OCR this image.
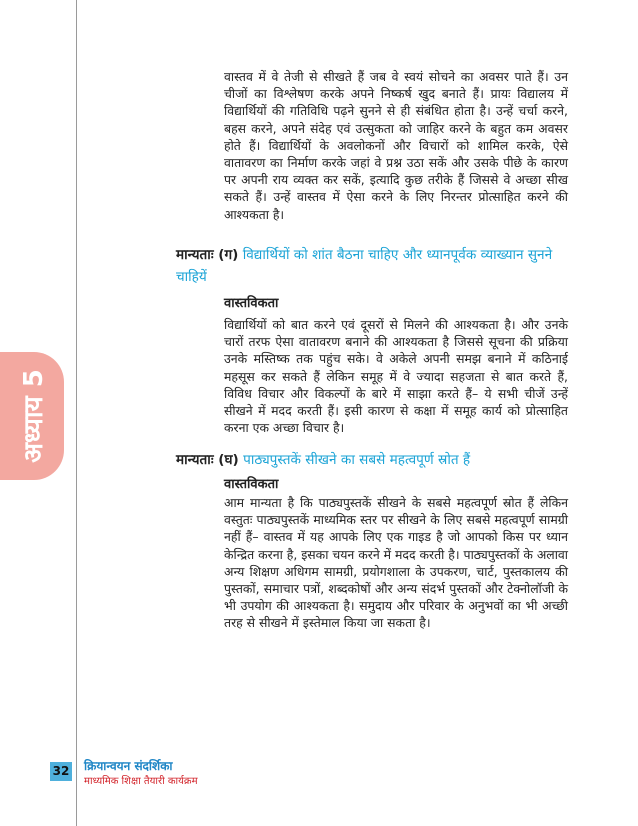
अध्याय 5

वास्तव में वे तेजी से सीखते हैं जब वे स्वयं सोचने का अवसर पाते हैं। उन चीजों का विश्लेषण करके अपने निष्कर्ष खुद बनाते हैं। प्रायः विद्यालय में विद्यार्थियों की गतिविधि पढ़ने सुनने से ही संबंधित होता है। उन्हें चर्चा करने, बहस करने, अपने संदेह एवं उत्सुकता को जाहिर करने के बहुत कम अवसर होते हैं। विद्यार्थियों के अवलोकनों और विचारों को शामिल करके, ऐसे वातावरण का निर्माण करके जहां वे प्रश्न उठा सकें और उसके पीछे के कारण पर अपनी राय व्यक्त कर सकें, इत्यादि कुछ तरीके हैं जिससे वे अच्छा सीख सकते हैं। उन्हें वास्तव में ऐसा करने के लिए निरन्तर प्रोत्साहित करने की आश्यकता है।

मान्यताः (ग) विद्यार्थियों को शांत बैठना चाहिए और ध्यानपूर्वक व्याख्यान सुनने चाहियें

वास्तविकता

विद्यार्थियों को बात करने एवं दूसरों से मिलने की आश्यकता है। और उनके चारों तरफ ऐसा वातावरण बनाने की आश्यकता है जिससे सूचना की प्रक्रिया उनके मस्तिष्क तक पहुंच सके। वे अकेले अपनी समझ बनाने में कठिनाई महसूस कर सकते हैं लेकिन समूह में वे ज्यादा सहजता से बात करते हैं, विविध विचार और विकल्पों के बारे में साझा करते हैं– ये सभी चीजें उन्हें सीखने में मदद करती हैं। इसी कारण से कक्षा में समूह कार्य को प्रोत्साहित करना एक अच्छा विचार है।

मान्यताः (घ) पाठ्यपुस्तकें सीखने का सबसे महत्वपूर्ण स्रोत हैं

वास्तविकता

आम मान्यता है कि पाठ्यपुस्तकें सीखने के सबसे महत्वपूर्ण स्रोत हैं लेकिन वस्तुतः पाठ्यपुस्तकें माध्यमिक स्तर पर सीखने के लिए सबसे महत्वपूर्ण सामग्री नहीं हैं– वास्तव में यह आपके लिए एक गाइड है जो आपको किस पर ध्यान केन्द्रित करना है, इसका चयन करने में मदद करती है। पाठ्यपुस्तकों के अलावा अन्य शिक्षण अधिगम सामग्री, प्रयोगशाला के उपकरण, चार्ट, पुस्तकालय की पुस्तकों, समाचार पत्रों, शब्दकोषों और अन्य संदर्भ पुस्तकों और टेक्नोलॉजी के भी उपयोग की आश्यकता है। समुदाय और परिवार के अनुभवों का भी अच्छी तरह से सीखने में इस्तेमाल किया जा सकता है।

32 क्रियान्वयन संदर्शिका

माध्यमिक शिक्षा तैयारी कार्यक्रम
